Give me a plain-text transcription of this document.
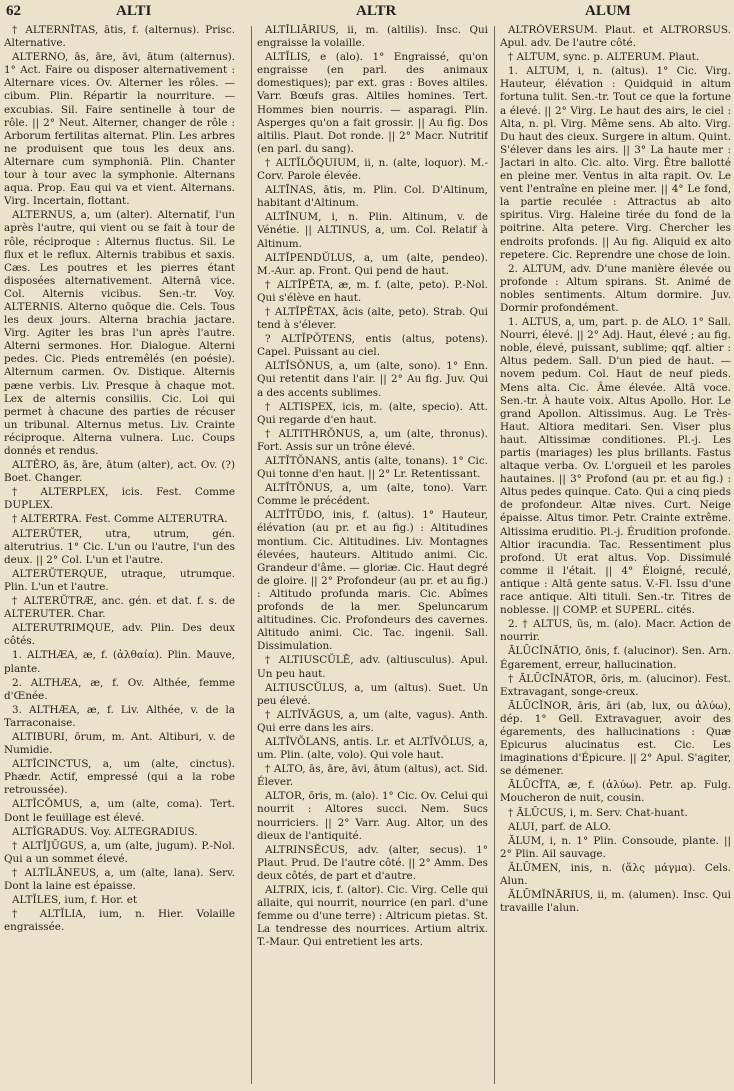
62	ALTI	ALTR	ALUM

† ALTERNĪTAS, ātis, f. (alternus). Prisc. Alternative.

ALTERNO, ās, āre, āvi, ātum (alternus). 1° Act. Faire ou disposer alternativement : Alternare vices. Ov. Alterner les rôles. — cibum. Plin. Répartir la nourriture. — excubias. Sil. Faire sentinelle à tour de rôle. || 2° Neut. Alterner, changer de rôle : Arborum fertilitas alternat. Plin. Les arbres ne produisent que tous les deux ans. Alternare cum symphoniā. Plin. Chanter tour à tour avec la symphonie. Alternans aqua. Prop. Eau qui va et vient. Alternans. Virg. Incertain, flottant.

ALTERNUS, a, um (alter). Alternatif, l'un après l'autre, qui vient ou se fait à tour de rôle, réciproque : Alternus fluctus. Sil. Le flux et le reflux. Alternis trabibus et saxis. Cæs. Les poutres et les pierres étant disposées alternativement. Alternā vice. Col. Alternis vicibus. Sen.-tr. Voy. ALTERNIS. Alterno quōque die. Cels. Tous les deux jours. Alterna brachia jactare. Virg. Agiter les bras l'un après l'autre. Alterni sermones. Hor. Dialogue. Alterni pedes. Cic. Pieds entremêlés (en poésie). Alternum carmen. Ov. Distique. Alternis pæne verbis. Liv. Presque à chaque mot. Lex de alternis consiliis. Cic. Loi qui permet à chacune des parties de récuser un tribunal. Alternus metus. Liv. Crainte réciproque. Alterna vulnera. Luc. Coups donnés et rendus.

ALTĚRO, ās, āre, ātum (alter), act. Ov. (?) Boet. Changer.

† ALTERPLEX, icis. Fest. Comme DUPLEX.

† ALTERTRA. Fest. Comme ALTERUTRA.

ALTERŬTER, utra, utrum, gén. alterutrius. 1° Cic. L'un ou l'autre, l'un des deux. || 2° Col. L'un et l'autre.

ALTERŬTERQUE, utraque, utrumque. Plin. L'un et l'autre.

† ALTERŬTRÆ, anc. gén. et dat. f. s. de ALTERUTER. Char.

ALTERUTRIMQUE, adv. Plin. Des deux côtés.

1. ALTHÆA, æ, f. (ἀλθαία). Plin. Mauve, plante.

2. ALTHÆA, æ, f. Ov. Althée, femme d'Œnée.

3. ALTHÆA, æ, f. Liv. Althée, v. de la Tarraconaise.

ALTIBURI, ōrum, m. Ant. Altiburi, v. de Numidie.

ALTĬCINCTUS, a, um (alte, cinctus). Phædr. Actif, empressé (qui a la robe retroussée).

ALTĬCŎMUS, a, um (alte, coma). Tert. Dont le feuillage est élevé.

ALTĬGRADUS. Voy. ALTEGRADIUS.

† ALTĬJŪGUS, a, um (alte, jugum). P.-Nol. Qui a un sommet élevé.

† ALTĬLĀNEUS, a, um (alte, lana). Serv. Dont la laine est épaisse.

ALTĬLES, ium, f. Hor. et

† ALTĬLIA, ium, n. Hier. Volaille engraissée.

ALTĬLIĀRIUS, ii, m. (altilis). Insc. Qui engraisse la volaille.

ALTĬLIS, e (alo). 1° Engraissé, qu'on engraisse (en parl. des animaux domestiques); par ext. gras : Boves altiles. Varr. Bœufs gras. Altiles homines. Tert. Hommes bien nourris. — asparagi. Plin. Asperges qu'on a fait grossir. || Au fig. Dos altilis. Plaut. Dot ronde. || 2° Macr. Nutritif (en parl. du sang).

† ALTĬLŎQUIUM, ii, n. (alte, loquor). M.-Corv. Parole élevée.

ALTĪNAS, ātis, m. Plin. Col. D'Altinum, habitant d'Altinum.

ALTĪNUM, i, n. Plin. Altinum, v. de Vénétie. || ALTINUS, a, um. Col. Relatif à Altinum.

ALTĬPENDŬLUS, a, um (alte, pendeo). M.-Aur. ap. Front. Qui pend de haut.

† ALTĬPĒTA, æ, m. f. (alte, peto). P.-Nol. Qui s'élève en haut.

† ALTĬPĒTAX, ācis (alte, peto). Strab. Qui tend à s'élever.

? ALTĬPŎTENS, entis (altus, potens). Capel. Puissant au ciel.

ALTĬSŎNUS, a, um (alte, sono). 1° Enn. Qui retentit dans l'air. || 2° Au fig. Juv. Qui a des accents sublimes.

† ALTISPEX, icis, m. (alte, specio). Att. Qui regarde d'en haut.

† ALTITHRŎNUS, a, um (alte, thronus). Fort. Assis sur un trône élevé.

ALTĬTŎNANS, antis (alte, tonans). 1° Cic. Qui tonne d'en haut. || 2° Lr. Retentissant.

ALTĬTŎNUS, a, um (alte, tono). Varr. Comme le précédent.

ALTĬTŪDO, inis, f. (altus). 1° Hauteur, élévation (au pr. et au fig.) : Altitudines montium. Cic. Altitudines. Liv. Montagnes élevées, hauteurs. Altitudo animi. Cic. Grandeur d'âme. — gloriæ. Cic. Haut degré de gloire. || 2° Profondeur (au pr. et au fig.) : Altitudo profunda maris. Cic. Abîmes profonds de la mer. Speluncarum altitudines. Cic. Profondeurs des cavernes. Altitudo animi. Cic. Tac. ingenii. Sall. Dissimulation.

† ALTIUSCŬLĒ, adv. (altiusculus). Apul. Un peu haut.

ALTIUSCŬLUS, a, um (altus). Suet. Un peu élevé.

† ALTĬVĂGUS, a, um (alte, vagus). Anth. Qui erre dans les airs.

ALTĬVŎLANS, antis. Lr. et ALTĬVŎLUS, a, um. Plin. (alte, volo). Qui vole haut.

† ALTO, ās, āre, āvi, ātum (altus), act. Sid. Élever.

ALTOR, ōris, m. (alo). 1° Cic. Ov. Celui qui nourrit : Altores succi. Nem. Sucs nourriciers. || 2° Varr. Aug. Altor, un des dieux de l'antiquité.

ALTRINSĔCUS, adv. (alter, secus). 1° Plaut. Prud. De l'autre côté. || 2° Amm. Des deux côtés, de part et d'autre.

ALTRIX, icis, f. (altor). Cic. Virg. Celle qui allaite, qui nourrit, nourrice (en parl. d'une femme ou d'une terre) : Altricum pietas. St. La tendresse des nourrices. Artium altrix. T.-Maur. Qui entretient les arts.

ALTRŎVERSUM. Plaut. et ALTRORSUS. Apul. adv. De l'autre côté.

† ALTUM, sync. p. ALTERUM. Plaut.

1. ALTUM, i, n. (altus). 1° Cic. Virg. Hauteur, élévation : Quidquid in altum fortuna tulit. Sen.-tr. Tout ce que la fortune a élevé. || 2° Virg. Le haut des airs, le ciel : Alta, n. pl. Virg. Même sens. Ab alto. Virg. Du haut des cieux. Surgere in altum. Quint. S'élever dans les airs. || 3° La haute mer : Jactari in alto. Cic. alto. Virg. Être ballotté en pleine mer. Ventus in alta rapit. Ov. Le vent l'entraîne en pleine mer. || 4° Le fond, la partie reculée : Attractus ab alto spiritus. Virg. Haleine tirée du fond de la poitrine. Alta petere. Virg. Chercher les endroits profonds. || Au fig. Aliquid ex alto repetere. Cic. Reprendre une chose de loin.

2. ALTUM, adv. D'une manière élevée ou profonde : Altum spirans. St. Animé de nobles sentiments. Altum dormire. Juv. Dormir profondément.

1. ALTUS, a, um, part. p. de ALO. 1° Sall. Nourri, élevé. || 2° Adj. Haut, élevé ; au fig. noble, élevé, puissant, sublime; qqf. altier : Altus pedem. Sall. D'un pied de haut. — novem pedum. Col. Haut de neuf pieds. Mens alta. Cic. Âme élevée. Altā voce. Sen.-tr. À haute voix. Altus Apollo. Hor. Le grand Apollon. Altissimus. Aug. Le Très-Haut. Altiora meditari. Sen. Viser plus haut. Altissimæ conditiones. Pl.-j. Les partis (mariages) les plus brillants. Fastus altaque verba. Ov. L'orgueil et les paroles hautaines. || 3° Profond (au pr. et au fig.) : Altus pedes quinque. Cato. Qui a cinq pieds de profondeur. Altæ nives. Curt. Neige épaisse. Altus timor. Petr. Crainte extrême. Altissima eruditio. Pl.-j. Érudition profonde. Altior iracundia. Tac. Ressentiment plus profond. Ut erat altus. Vop. Dissimulé comme il l'était. || 4° Éloigné, reculé, antique : Altā gente satus. V.-Fl. Issu d'une race antique. Alti tituli. Sen.-tr. Titres de noblesse. || COMP. et SUPERL. cités.

2. † ALTUS, ūs, m. (alo). Macr. Action de nourrir.

ĀLŪCĬNĀTIO, ōnis, f. (alucinor). Sen. Arn. Égarement, erreur, hallucination.

† ĀLŪCĬNĀTOR, ōris, m. (alucinor). Fest. Extravagant, songe-creux.

ĀLŪCĬNOR, āris, āri (ab, lux, ou ἀλύω), dép. 1° Gell. Extravaguer, avoir des égarements, des hallucinations : Quæ Epicurus alucinatus est. Cic. Les imaginations d'Épicure. || 2° Apul. S'agiter, se démener.

ĀLŪCĬTA, æ, f. (ἀλύω). Petr. ap. Fulg. Moucheron de nuit, cousin.

† ĀLŪCUS, i, m. Serv. Chat-huant.

ALUI, parf. de ALO.

ĂLUM, i, n. 1° Plin. Consoude, plante. || 2° Plin. Ail sauvage.

ĂLŪMEN, inis, n. (ἅλς μάγμα). Cels. Alun.

ĂLŪMĬNĀRIUS, ii, m. (alumen). Insc. Qui travaille l'alun.
